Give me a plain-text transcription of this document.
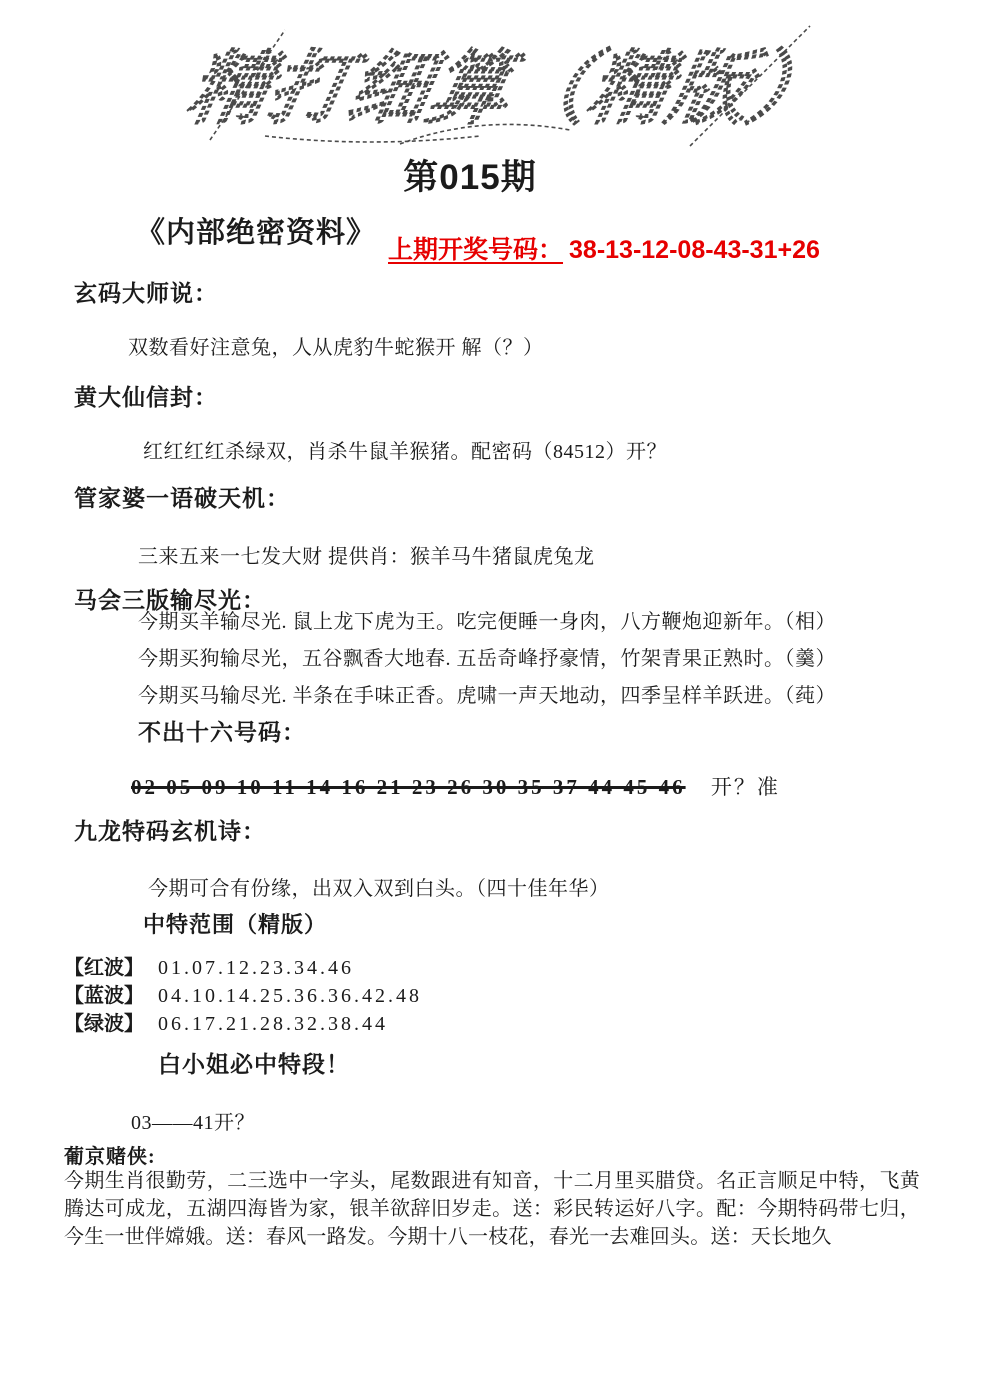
精打细算（精版）
第015期
《内部绝密资料》
上期开奖号码： 38-13-12-08-43-31+26
玄码大师说：
双数看好注意兔，人从虎豹牛蛇猴开 解（？）
黄大仙信封：
红红红红杀绿双，肖杀牛鼠羊猴猪。配密码（84512）开？
管家婆一语破天机：
三来五来一七发大财 提供肖：猴羊马牛猪鼠虎兔龙
马会三版输尽光：
今期买羊输尽光. 鼠上龙下虎为王。吃完便睡一身肉，八方鞭炮迎新年。（相）
今期买狗输尽光，五谷飘香大地春. 五岳奇峰抒豪情，竹架青果正熟时。（羹）
今期买马输尽光. 半条在手味正香。虎啸一声天地动，四季呈样羊跃进。（莼）
不出十六号码：
02 05 09 10 11 14 16 21 23 26 30 35 37 44 45 46 开？准
九龙特码玄机诗：
今期可合有份缘，出双入双到白头。（四十佳年华）
中特范围（精版）
【红波】 01.07.12.23.34.46
【蓝波】 04.10.14.25.36.36.42.48
【绿波】 06.17.21.28.32.38.44
白小姐必中特段！
03——41开？
葡京赌侠:
今期生肖很勤劳，二三选中一字头，尾数跟进有知音，十二月里买腊贷。名正言顺足中特，飞黄腾达可成龙，五湖四海皆为家，银羊欲辞旧岁走。送：彩民转运好八字。配：今期特码带七归，今生一世伴嫦娥。送：春风一路发。今期十八一枝花，春光一去难回头。送：天长地久
